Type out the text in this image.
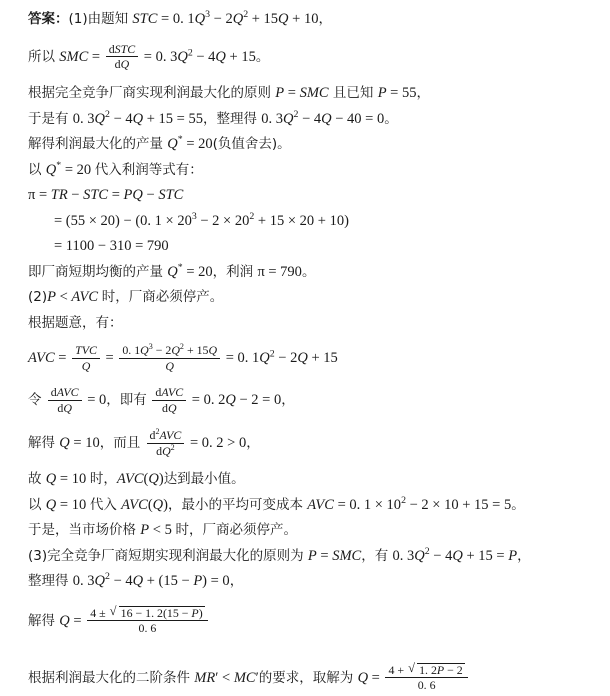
答案：(1)由题知 STC = 0. $1Q^3 - 2Q^2 + 15Q + 10$，
所以 SMC = $\frac{\text{dSTC}}{dQ} = 0$. $3Q^2 - 4Q + 15$。
根据完全竞争厂商实现利润最大化的原则 P = SMC 且已知 P = 55，
于是有 0. $3Q^2 - 4Q + 15 = 55$，整理得 0. $3Q^2 - 4Q - 40 = 0$。
解得利润最大化的产量 Q* = 20(负值舍去)。
以 Q* = 20 代入利润等式有：
π = TR − STC = PQ − STC
= (55 × 20) − (0. $1 \times 20^3 - 2 \times 20^2 + 15 \times 20 + 10$)
= 1100 − 310 = 790
即厂商短期均衡的产量 Q* = 20，利润 π = 790。
(2)P < AVC 时，厂商必须停产。
根据题意，有：
AVC = $\frac{\text{TVC}}{Q} = \frac{0. 1Q^3 - 2Q^2 + 15Q}{Q} = 0$. $1Q^2 - 2Q + 15$
令 $\frac{\text{dAVC}}{dQ} = 0$，即有 $\frac{\text{dAVC}}{dQ} = 0$. 2Q − 2 = 0，
解得 Q = 10，而且 $\frac{d^2AVC}{dQ^2} = 0$. 2 > 0，
故 Q = 10 时，AVC(Q)达到最小值。
以 Q = 10 代入 AVC(Q)，最小的平均可变成本 AVC = 0. $1 \times 10^2 - 2 \times 10 + 15 = 5$。
于是，当市场价格 P < 5 时，厂商必须停产。
(3)完全竞争厂商短期实现利润最大化的原则为 P = SMC，有 0. $3Q^2 - 4Q + 15 = P$，
整理得 0. $3Q^2 - 4Q + (15 - P) = 0$，
解得 $Q = \frac{4 \pm √ 16 - 1. 2(15 - P)}{0. 6}$
根据利润最大化的二阶条件 MR′ < MC′的要求，取解为 $Q = \frac{4 + √ 1. 2P - 2}{0. 6}$
